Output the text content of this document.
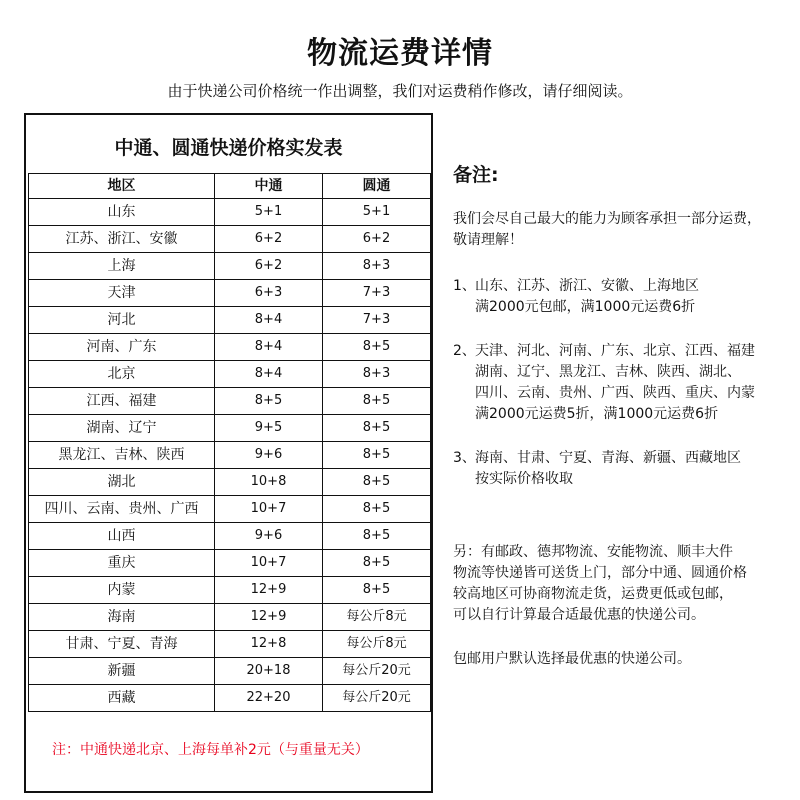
物流运费详情
由于快递公司价格统一作出调整，我们对运费稍作修改，请仔细阅读。
中通、圆通快递价格实发表
地区	中通	圆通
山东	5+1	5+1
江苏、浙江、安徽	6+2	6+2
上海	6+2	8+3
天津	6+3	7+3
河北	8+4	7+3
河南、广东	8+4	8+5
北京	8+4	8+3
江西、福建	8+5	8+5
湖南、辽宁	9+5	8+5
黑龙江、吉林、陕西	9+6	8+5
湖北	10+8	8+5
四川、云南、贵州、广西	10+7	8+5
山西	9+6	8+5
重庆	10+7	8+5
内蒙	12+9	8+5
海南	12+9	每公斤8元
甘肃、宁夏、青海	12+8	每公斤8元
新疆	20+18	每公斤20元
西藏	22+20	每公斤20元
注：中通快递北京、上海每单补2元（与重量无关）
备注:
我们会尽自己最大的能力为顾客承担一部分运费，
敬请理解！
1、 山东、江苏、浙江、安徽、上海地区
满2000元包邮，满1000元运费6折
2、 天津、河北、河南、广东、北京、江西、福建
湖南、辽宁、黑龙江、吉林、陕西、湖北、
四川、云南、贵州、广西、陕西、重庆、内蒙
满2000元运费5折，满1000元运费6折
3、 海南、甘肃、宁夏、青海、新疆、西藏地区
按实际价格收取
另：有邮政、德邦物流、安能物流、顺丰大件
物流等快递皆可送货上门，部分中通、圆通价格
较高地区可协商物流走货，运费更低或包邮，
可以自行计算最合适最优惠的快递公司。
包邮用户默认选择最优惠的快递公司。
